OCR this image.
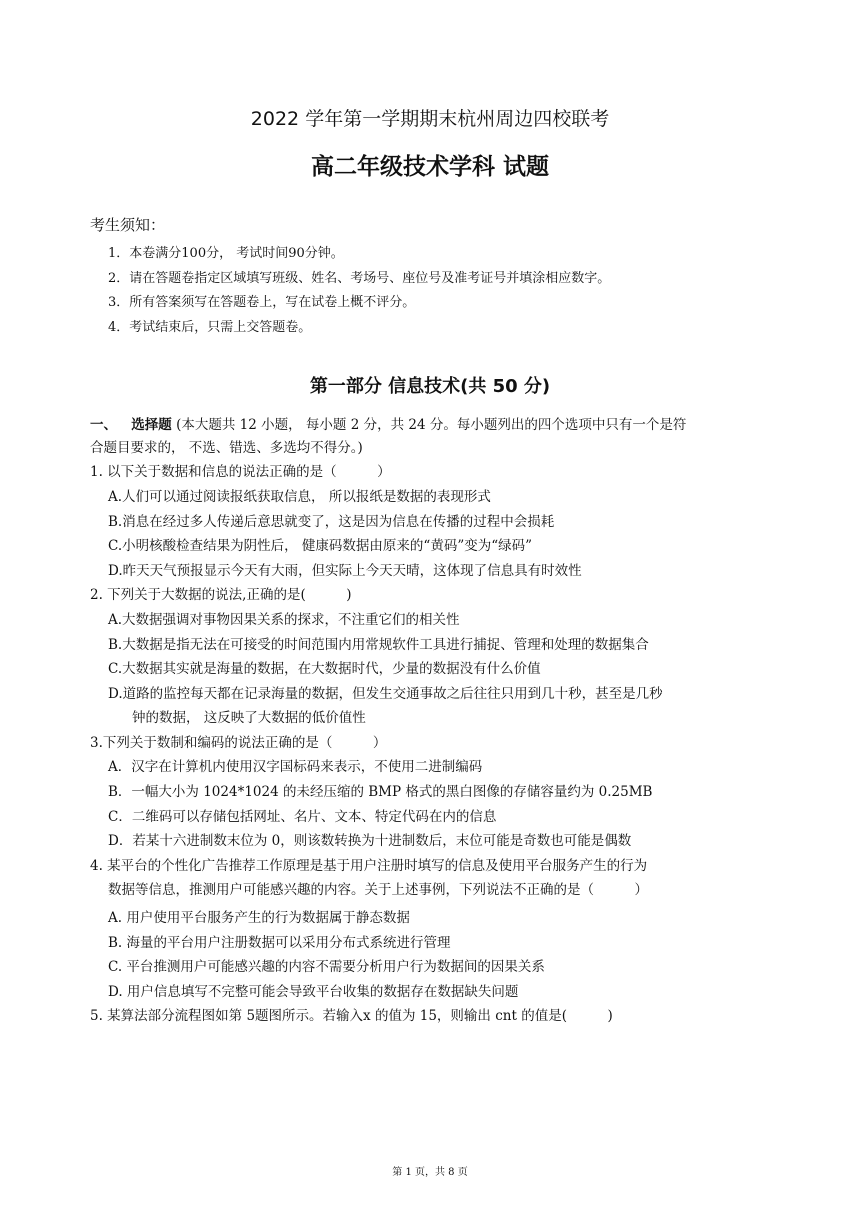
2022 学年第一学期期末杭州周边四校联考
高二年级技术学科 试题
考生须知：
1．本卷满分100分， 考试时间90分钟。
2．请在答题卷指定区域填写班级、姓名、考场号、座位号及准考证号并填涂相应数字。
3．所有答案须写在答题卷上，写在试卷上概不评分。
4．考试结束后，只需上交答题卷。
第一部分 信息技术(共 50 分)
一、 选择题 (本大题共 12 小题， 每小题 2 分，共 24 分。每小题列出的四个选项中只有一个是符
合题目要求的， 不选、错选、多选均不得分。)
1. 以下关于数据和信息的说法正确的是（　　　）
A.人们可以通过阅读报纸获取信息， 所以报纸是数据的表现形式
B.消息在经过多人传递后意思就变了，这是因为信息在传播的过程中会损耗
C.小明核酸检查结果为阴性后， 健康码数据由原来的“黄码”变为“绿码”
D.昨天天气预报显示今天有大雨，但实际上今天天晴，这体现了信息具有时效性
2. 下列关于大数据的说法,正确的是(　　　)
A.大数据强调对事物因果关系的探求，不注重它们的相关性
B.大数据是指无法在可接受的时间范围内用常规软件工具进行捕捉、管理和处理的数据集合
C.大数据其实就是海量的数据，在大数据时代，少量的数据没有什么价值
D.道路的监控每天都在记录海量的数据，但发生交通事故之后往往只用到几十秒，甚至是几秒
钟的数据， 这反映了大数据的低价值性
3.下列关于数制和编码的说法正确的是（　　　）
A．汉字在计算机内使用汉字国标码来表示，不使用二进制编码
B．一幅大小为 1024*1024 的未经压缩的 BMP 格式的黑白图像的存储容量约为 0.25MB
C．二维码可以存储包括网址、名片、文本、特定代码在内的信息
D．若某十六进制数末位为 0，则该数转换为十进制数后，末位可能是奇数也可能是偶数
4. 某平台的个性化广告推荐工作原理是基于用户注册时填写的信息及使用平台服务产生的行为
数据等信息，推测用户可能感兴趣的内容。关于上述事例，下列说法不正确的是（　　　）
A. 用户使用平台服务产生的行为数据属于静态数据
B. 海量的平台用户注册数据可以采用分布式系统进行管理
C. 平台推测用户可能感兴趣的内容不需要分析用户行为数据间的因果关系
D. 用户信息填写不完整可能会导致平台收集的数据存在数据缺失问题
5. 某算法部分流程图如第 5题图所示。若输入x 的值为 15，则输出 cnt 的值是(　　　)
第 1 页，共 8 页
